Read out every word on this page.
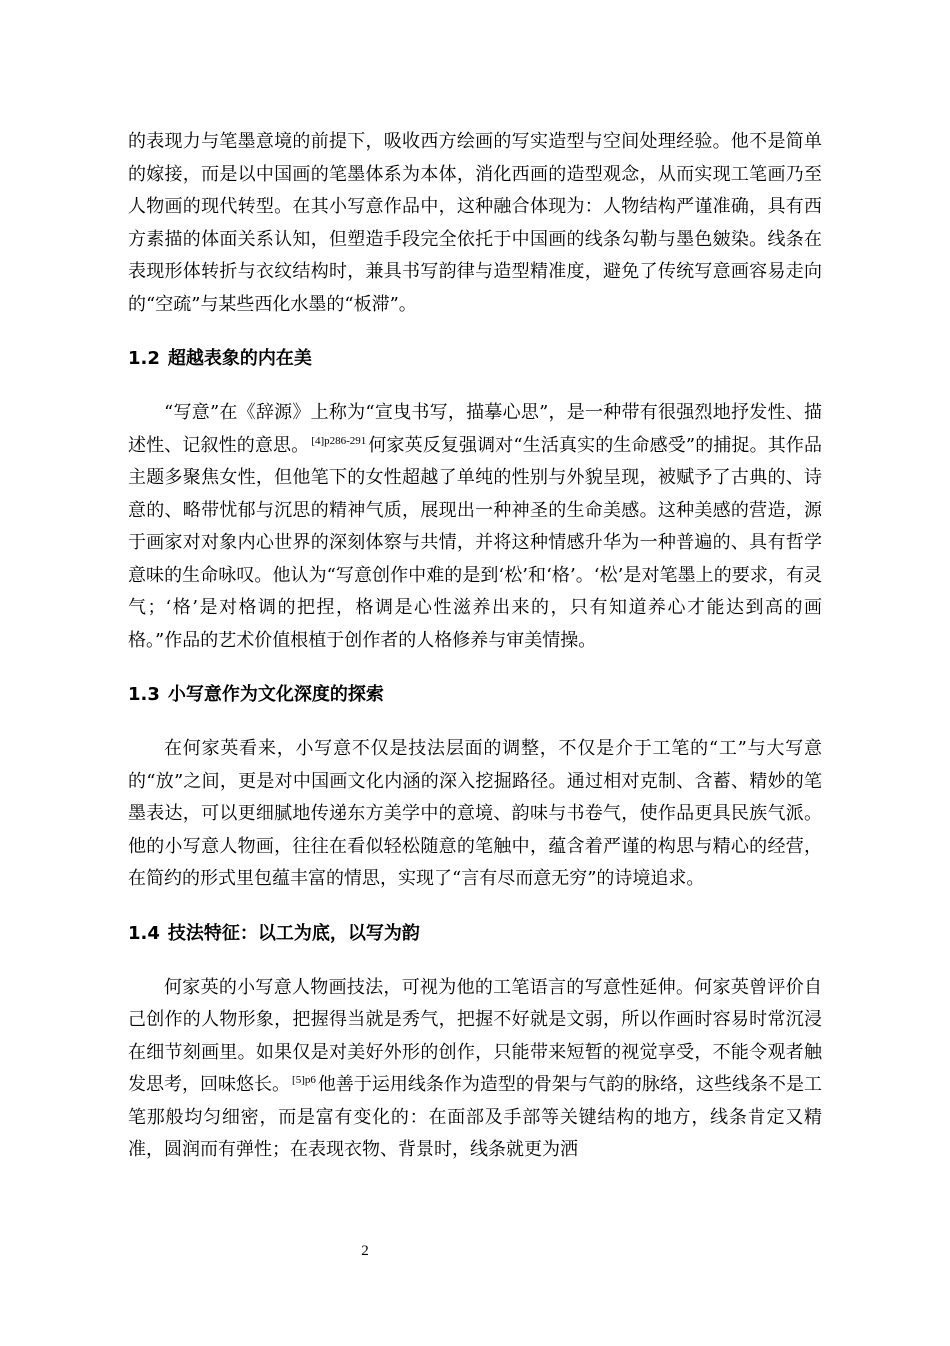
的表现力与笔墨意境的前提下，吸收西方绘画的写实造型与空间处理经验。他不是简单的嫁接，而是以中国画的笔墨体系为本体，消化西画的造型观念，从而实现工笔画乃至人物画的现代转型。在其小写意作品中，这种融合体现为：人物结构严谨准确，具有西方素描的体面关系认知，但塑造手段完全依托于中国画的线条勾勒与墨色皴染。线条在表现形体转折与衣纹结构时，兼具书写韵律与造型精准度，避免了传统写意画容易走向的“空疏”与某些西化水墨的“板滞”。

1.2 超越表象的内在美

“写意”在《辞源》上称为“宣曳书写，描摹心思”，是一种带有很强烈地抒发性、描述性、记叙性的意思。 $^{[4]p286-291}$ 何家英反复强调对“生活真实的生命感受”的捕捉。其作品主题多聚焦女性，但他笔下的女性超越了单纯的性别与外貌呈现，被赋予了古典的、诗意的、略带忧郁与沉思的精神气质，展现出一种神圣的生命美感。这种美感的营造，源于画家对对象内心世界的深刻体察与共情，并将这种情感升华为一种普遍的、具有哲学意味的生命咏叹。他认为“写意创作中难的是到‘松’和‘格’。‘松’是对笔墨上的要求，有灵气；‘格’是对格调的把捏，格调是心性滋养出来的，只有知道养心才能达到高的画格。”作品的艺术价值根植于创作者的人格修养与审美情操。

1.3 小写意作为文化深度的探索

在何家英看来，小写意不仅是技法层面的调整，不仅是介于工笔的“工”与大写意的“放”之间，更是对中国画文化内涵的深入挖掘路径。通过相对克制、含蓄、精妙的笔墨表达，可以更细腻地传递东方美学中的意境、韵味与书卷气，使作品更具民族气派。他的小写意人物画，往往在看似轻松随意的笔触中，蕴含着严谨的构思与精心的经营，在简约的形式里包蕴丰富的情思，实现了“言有尽而意无穷”的诗境追求。

1.4 技法特征：以工为底，以写为韵

何家英的小写意人物画技法，可视为他的工笔语言的写意性延伸。何家英曾评价自己创作的人物形象，把握得当就是秀气，把握不好就是文弱，所以作画时容易时常沉浸在细节刻画里。如果仅是对美好外形的创作，只能带来短暂的视觉享受，不能令观者触发思考，回味悠长。 $^{[5]p6}$ 他善于运用线条作为造型的骨架与气韵的脉络，这些线条不是工笔那般均匀细密，而是富有变化的：在面部及手部等关键结构的地方，线条肯定又精准，圆润而有弹性；在表现衣物、背景时，线条就更为洒

2
